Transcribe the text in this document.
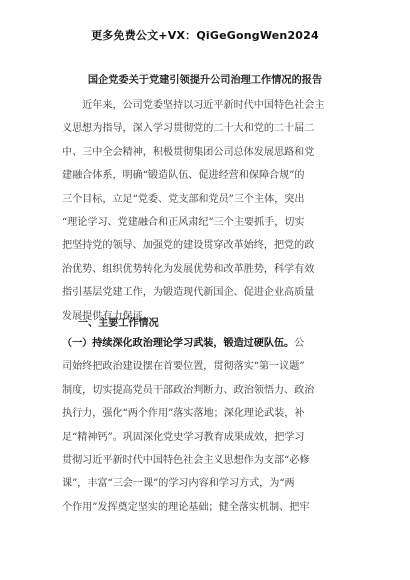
更多免费公文+VX：QiGeGongWen2024
国企党委关于党建引领提升公司治理工作情况的报告
　　近年来，公司党委坚持以习近平新时代中国特色社会主
义思想为指导，深入学习贯彻党的二十大和党的二十届二
中、三中全会精神，积极贯彻集团公司总体发展思路和党
建融合体系，明确“锻造队伍、促进经营和保障合规”的
三个目标，立足“党委、党支部和党员”三个主体，突出
“理论学习、党建融合和正风肃纪”三个主要抓手，切实
把坚持党的领导、加强党的建设贯穿改革始终，把党的政
治优势、组织优势转化为发展优势和改革胜势，科学有效
指引基层党建工作，为锻造现代新国企、促进企业高质量
发展提供有力保证。
一、主要工作情况
（一）持续深化政治理论学习武装，锻造过硬队伍。公
司始终把政治建设摆在首要位置，贯彻落实“第一议题”
制度，切实提高党员干部政治判断力、政治领悟力、政治
执行力，强化“两个作用”落实落地；深化理论武装，补
足“精神钙”。巩固深化党史学习教育成果成效，把学习
贯彻习近平新时代中国特色社会主义思想作为支部“必修
课”，丰富“三会一课”的学习内容和学习方式，为“两
个作用”发挥奠定坚实的理论基础；健全落实机制、把牢
